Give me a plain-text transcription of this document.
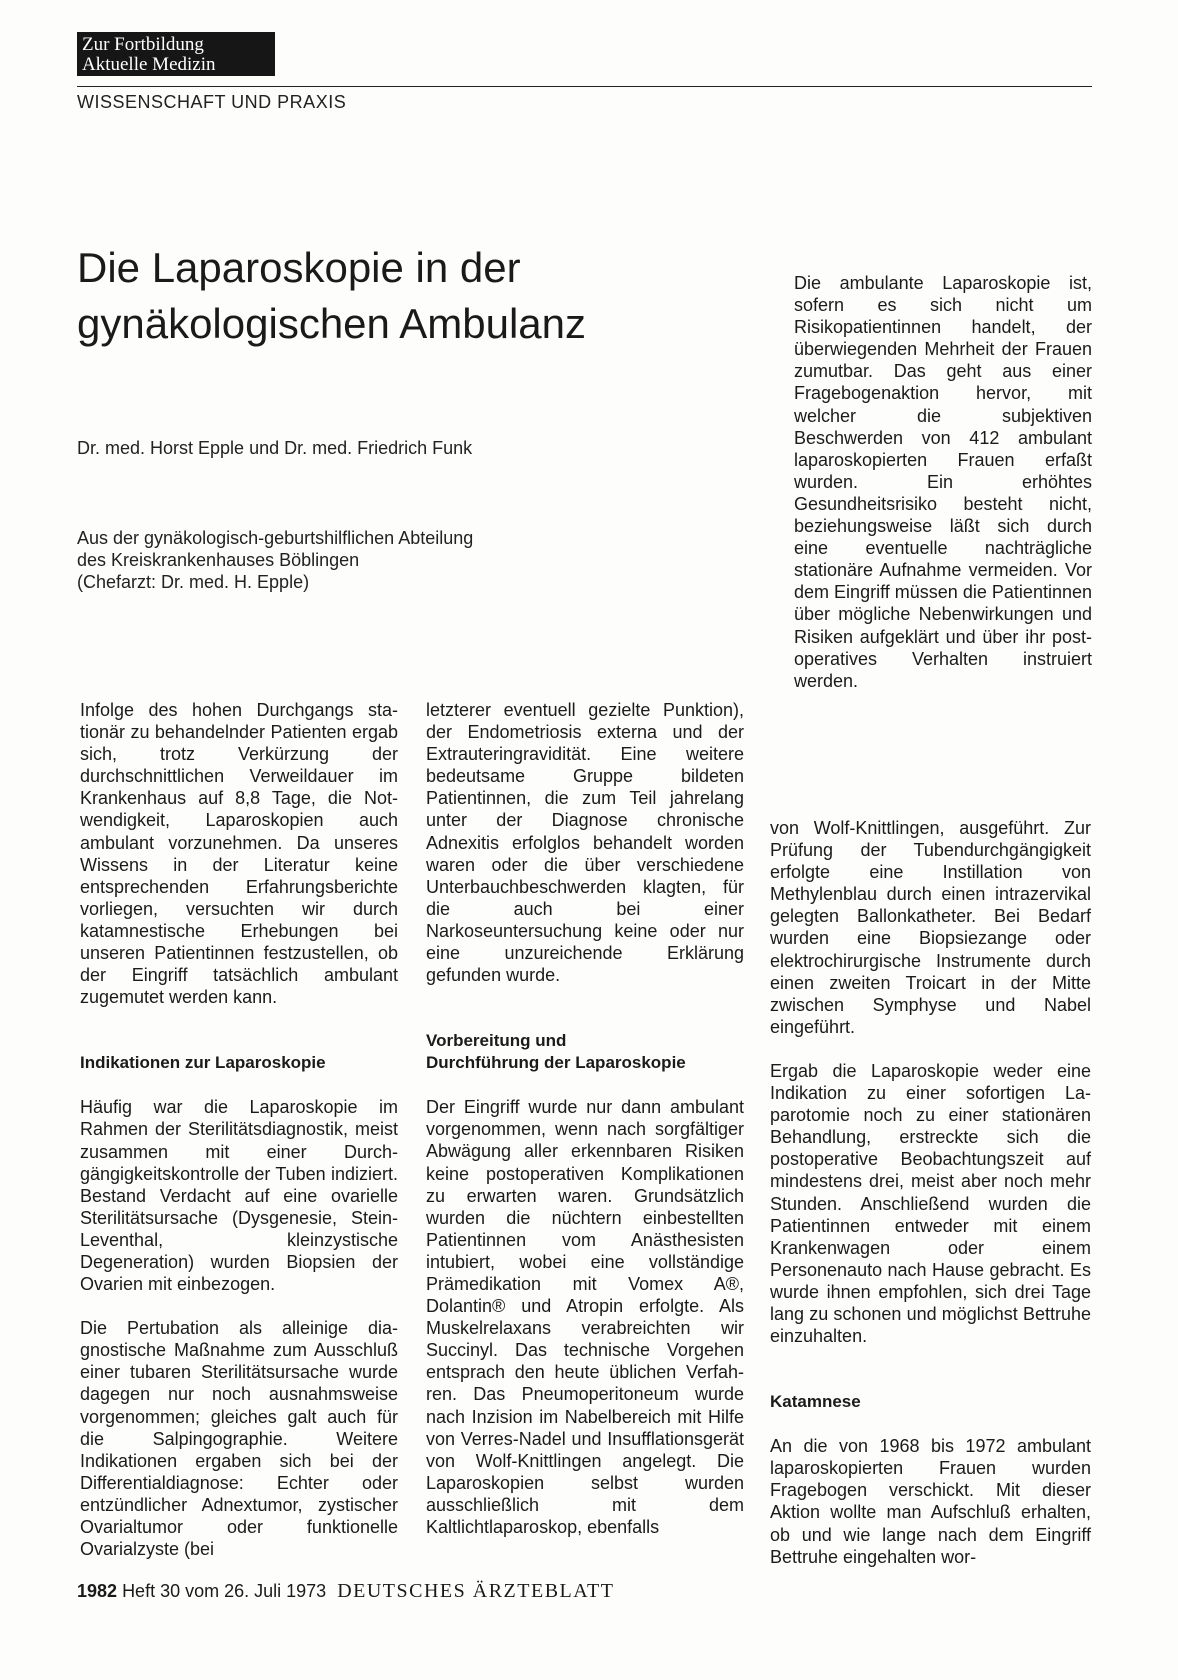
Zur Fortbildung
Aktuelle Medizin
WISSENSCHAFT UND PRAXIS
Die Laparoskopie in der
gynäkologischen Ambulanz
Dr. med. Horst Epple und Dr. med. Friedrich Funk
Aus der gynäkologisch-geburtshilflichen Abteilung
des Kreiskrankenhauses Böblingen
(Chefarzt: Dr. med. H. Epple)

Die ambulante Laparoskopie ist, sofern es sich nicht um Risikopatientinnen handelt, der überwiegenden Mehrheit der Frauen zumutbar. Das geht aus einer Fragebogenaktion hervor, mit welcher die subjektiven Beschwerden von 412 ambulant laparoskopierten Frauen erfaßt wurden. Ein erhöhtes Gesundheitsrisiko besteht nicht, beziehungsweise läßt sich durch eine eventuelle nachträgliche stationäre Aufnahme vermeiden. Vor dem Eingriff müssen die Patientinnen über mögliche Nebenwirkungen und Risiken aufgeklärt und über ihr postoperatives Verhalten instruiert werden.

Infolge des hohen Durchgangs stationär zu behandelnder Patienten ergab sich, trotz Verkürzung der durchschnittlichen Verweildauer im Krankenhaus auf 8,8 Tage, die Notwendigkeit, Laparoskopien auch ambulant vorzunehmen. Da unseres Wissens in der Literatur keine entsprechenden Erfahrungsberichte vorliegen, versuchten wir durch katamnestische Erhebungen bei unseren Patientinnen festzustellen, ob der Eingriff tatsächlich ambulant zugemutet werden kann.

Indikationen zur Laparoskopie

Häufig war die Laparoskopie im Rahmen der Sterilitätsdiagnostik, meist zusammen mit einer Durchgängigkeitskontrolle der Tuben indiziert. Bestand Verdacht auf eine ovarielle Sterilitätsursache (Dysgenesie, Stein-Leventhal, kleinzystische Degeneration) wurden Biopsien der Ovarien mit einbezogen.

Die Pertubation als alleinige diagnostische Maßnahme zum Ausschluß einer tubaren Sterilitätsursache wurde dagegen nur noch ausnahmsweise vorgenommen; gleiches galt auch für die Salpingographie. Weitere Indikationen ergaben sich bei der Differentialdiagnose: Echter oder entzündlicher Adnextumor, zystischer Ovarialtumor oder funktionelle Ovarialzyste (bei

letzterer eventuell gezielte Punktion), der Endometriosis externa und der Extrauteringravidität. Eine weitere bedeutsame Gruppe bildeten Patientinnen, die zum Teil jahrelang unter der Diagnose chronische Adnexitis erfolglos behandelt worden waren oder die über verschiedene Unterbauchbeschwerden klagten, für die auch bei einer Narkoseuntersuchung keine oder nur eine unzureichende Erklärung gefunden wurde.

Vorbereitung und
Durchführung der Laparoskopie

Der Eingriff wurde nur dann ambulant vorgenommen, wenn nach sorgfältiger Abwägung aller erkennbaren Risiken keine postoperativen Komplikationen zu erwarten waren. Grundsätzlich wurden die nüchtern einbestellten Patientinnen vom Anästhesisten intubiert, wobei eine vollständige Prämedikation mit Vomex A®, Dolantin® und Atropin erfolgte. Als Muskelrelaxans verabreichten wir Succinyl. Das technische Vorgehen entsprach den heute üblichen Verfahren. Das Pneumoperitoneum wurde nach Inzision im Nabelbereich mit Hilfe von Verres-Nadel und Insufflationsgerät von Wolf-Knittlingen angelegt. Die Laparoskopien selbst wurden ausschließlich mit dem Kaltlichtlaparoskop, ebenfalls

von Wolf-Knittlingen, ausgeführt. Zur Prüfung der Tubendurchgängigkeit erfolgte eine Instillation von Methylenblau durch einen intrazervikal gelegten Ballonkatheter. Bei Bedarf wurden eine Biopsiezange oder elektrochirurgische Instrumente durch einen zweiten Troicart in der Mitte zwischen Symphyse und Nabel eingeführt.

Ergab die Laparoskopie weder eine Indikation zu einer sofortigen Laparotomie noch zu einer stationären Behandlung, erstreckte sich die postoperative Beobachtungszeit auf mindestens drei, meist aber noch mehr Stunden. Anschließend wurden die Patientinnen entweder mit einem Krankenwagen oder einem Personenauto nach Hause gebracht. Es wurde ihnen empfohlen, sich drei Tage lang zu schonen und möglichst Bettruhe einzuhalten.

Katamnese

An die von 1968 bis 1972 ambulant laparoskopierten Frauen wurden Fragebogen verschickt. Mit dieser Aktion wollte man Aufschluß erhalten, ob und wie lange nach dem Eingriff Bettruhe eingehalten wor-

1982 Heft 30 vom 26. Juli 1973 DEUTSCHES ÄRZTEBLATT
